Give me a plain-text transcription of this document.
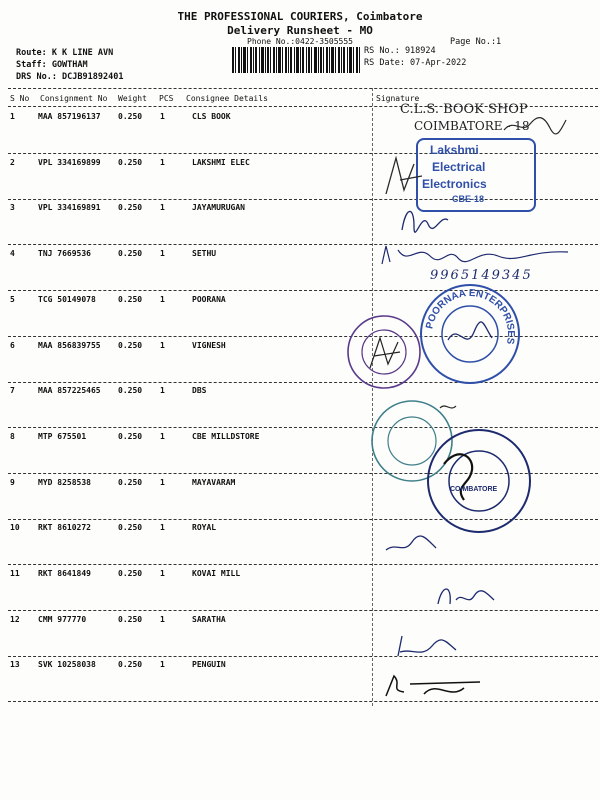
THE PROFESSIONAL COURIERS, Coimbatore
Delivery Runsheet - MO
Phone No.:0422-3505555	Page No.:1
Route: K K LINE AVN
Staff: GOWTHAM
DRS No.: DCJB91892401
RS No.: 918924
RS Date: 07-Apr-2022
S No Consignment No Weight PCS Consignee Details	Signature
1	MAA 857196137 0.250 1	CLS BOOK
2	VPL 334169899 0.250 1	LAKSHMI ELEC
3	VPL 334169891 0.250 1	JAYAMURUGAN
4	TNJ 7669536	0.250 1	SETHU
5	TCG 50149078	0.250 1	POORANA
6	MAA 856839755 0.250 1	VIGNESH
7	MAA 857225465 0.250 1	DBS
8	MTP 675501	0.250 1	CBE MILLDSTORE
9	MYD 8258538	0.250 1	MAYAVARAM
10 RKT 8610272	0.250 1	ROYAL
11 RKT 8641849	0.250 1	KOVAI MILL
12 CMM 977770	0.250 1	SARATHA
13 SVK 10258038	0.250 1	PENGUIN
C.L.S. BOOK SHOP
COIMBATORE - 18
Lakshmi
Electrical
Electronics
CBE-18
9965149345
POORNAA ENTERPRISES
COIMBATORE
